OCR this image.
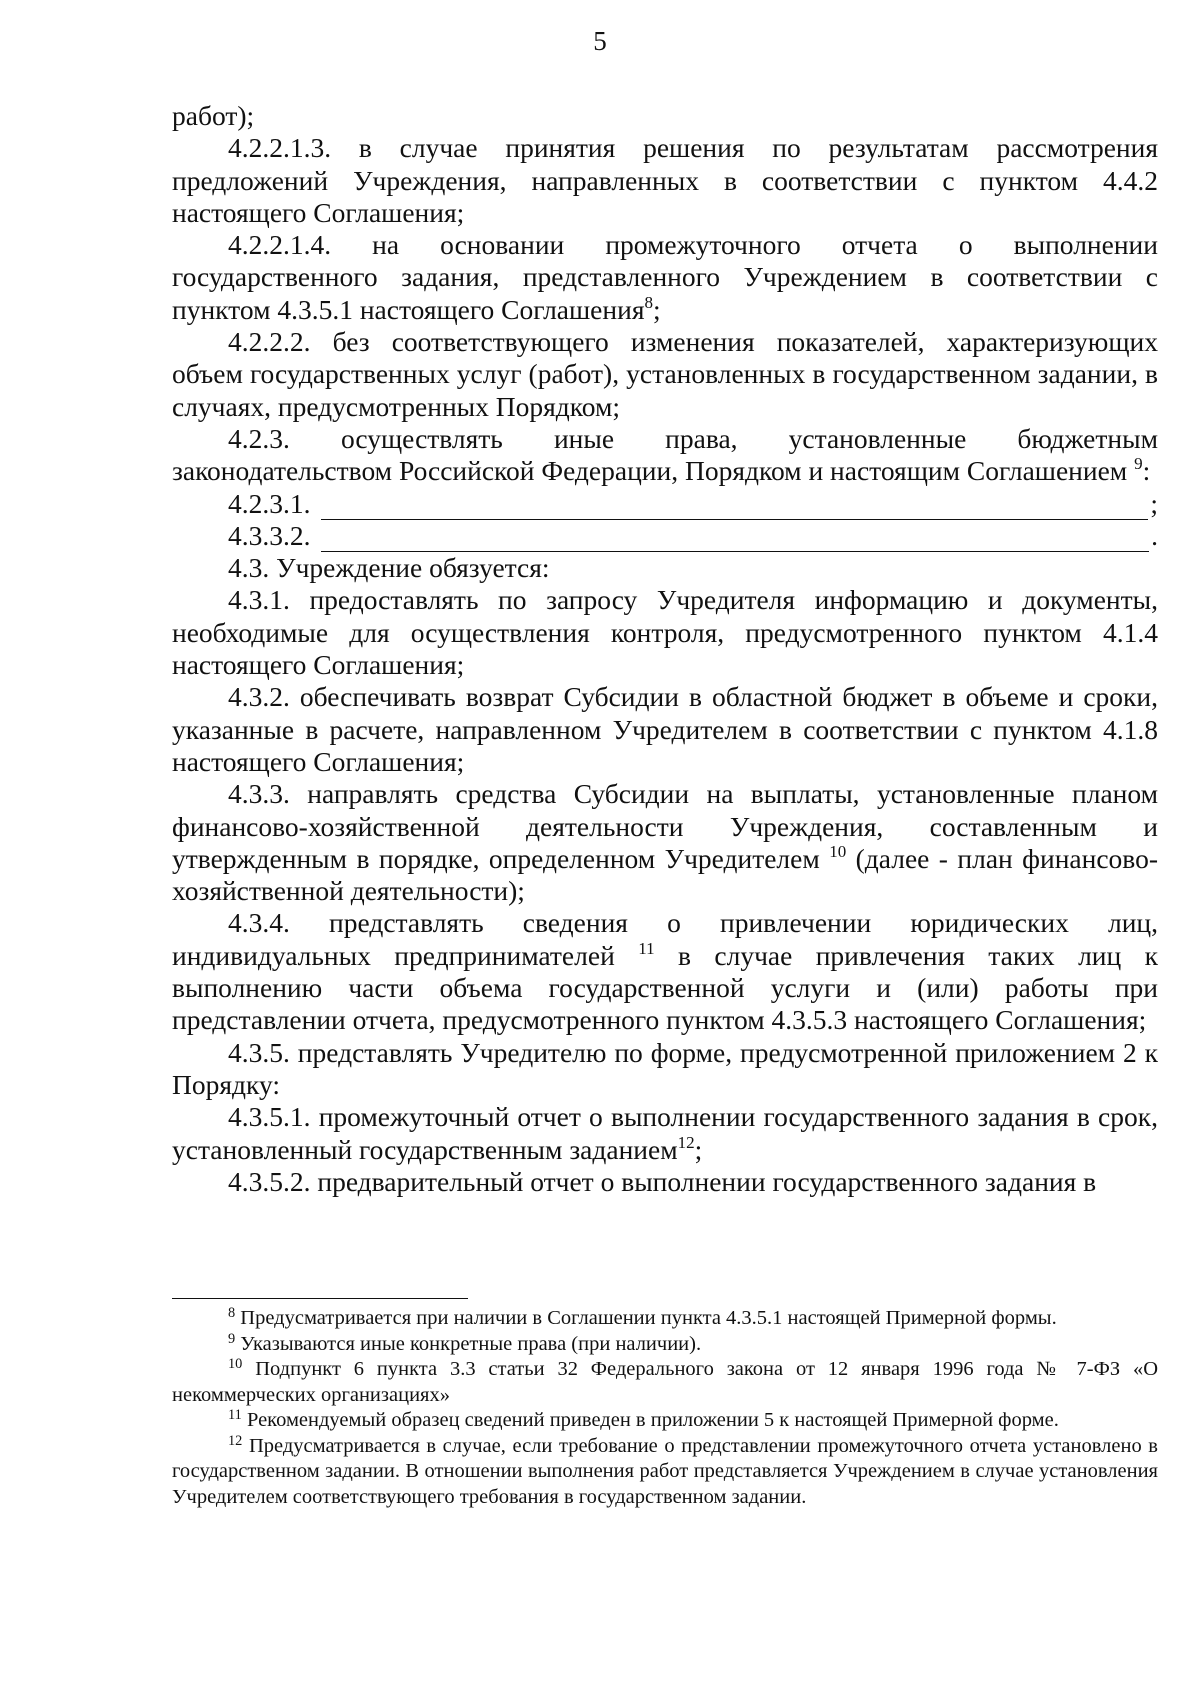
5

работ);

4.2.2.1.3. в случае принятия решения по результатам рассмотрения предложений Учреждения, направленных в соответствии с пунктом 4.4.2 настоящего Соглашения;

4.2.2.1.4. на основании промежуточного отчета о выполнении государственного задания, представленного Учреждением в соответствии с пунктом 4.3.5.1 настоящего Соглашения$^8$;

4.2.2.2. без соответствующего изменения показателей, характеризующих объем государственных услуг (работ), установленных в государственном задании, в случаях, предусмотренных Порядком;

4.2.3. осуществлять иные права, установленные бюджетным законодательством Российской Федерации, Порядком и настоящим Соглашением $^9$:

4.2.3.1.	;
4.3.3.2.	.

4.3. Учреждение обязуется:

4.3.1. предоставлять по запросу Учредителя информацию и документы, необходимые для осуществления контроля, предусмотренного пунктом 4.1.4 настоящего Соглашения;

4.3.2. обеспечивать возврат Субсидии в областной бюджет в объеме и сроки, указанные в расчете, направленном Учредителем в соответствии с пунктом 4.1.8 настоящего Соглашения;

4.3.3. направлять средства Субсидии на выплаты, установленные планом финансово-хозяйственной деятельности Учреждения, составленным и утвержденным в порядке, определенном Учредителем $^{10}$ (далее - план финансово-хозяйственной деятельности);

4.3.4. представлять сведения о привлечении юридических лиц, индивидуальных предпринимателей $^{11}$ в случае привлечения таких лиц к выполнению части объема государственной услуги и (или) работы при представлении отчета, предусмотренного пунктом 4.3.5.3 настоящего Соглашения;

4.3.5. представлять Учредителю по форме, предусмотренной приложением 2 к Порядку:

4.3.5.1. промежуточный отчет о выполнении государственного задания в срок, установленный государственным заданием$^{12}$;

4.3.5.2. предварительный отчет о выполнении государственного задания в

$^8$ Предусматривается при наличии в Соглашении пункта 4.3.5.1 настоящей Примерной формы.

$^9$ Указываются иные конкретные права (при наличии).

$^{10}$ Подпункт 6 пункта 3.3 статьи 32 Федерального закона от 12 января 1996 года № 7-ФЗ «О некоммерческих организациях»

$^{11}$ Рекомендуемый образец сведений приведен в приложении 5 к настоящей Примерной форме.

$^{12}$ Предусматривается в случае, если требование о представлении промежуточного отчета установлено в государственном задании. В отношении выполнения работ представляется Учреждением в случае установления Учредителем соответствующего требования в государственном задании.
